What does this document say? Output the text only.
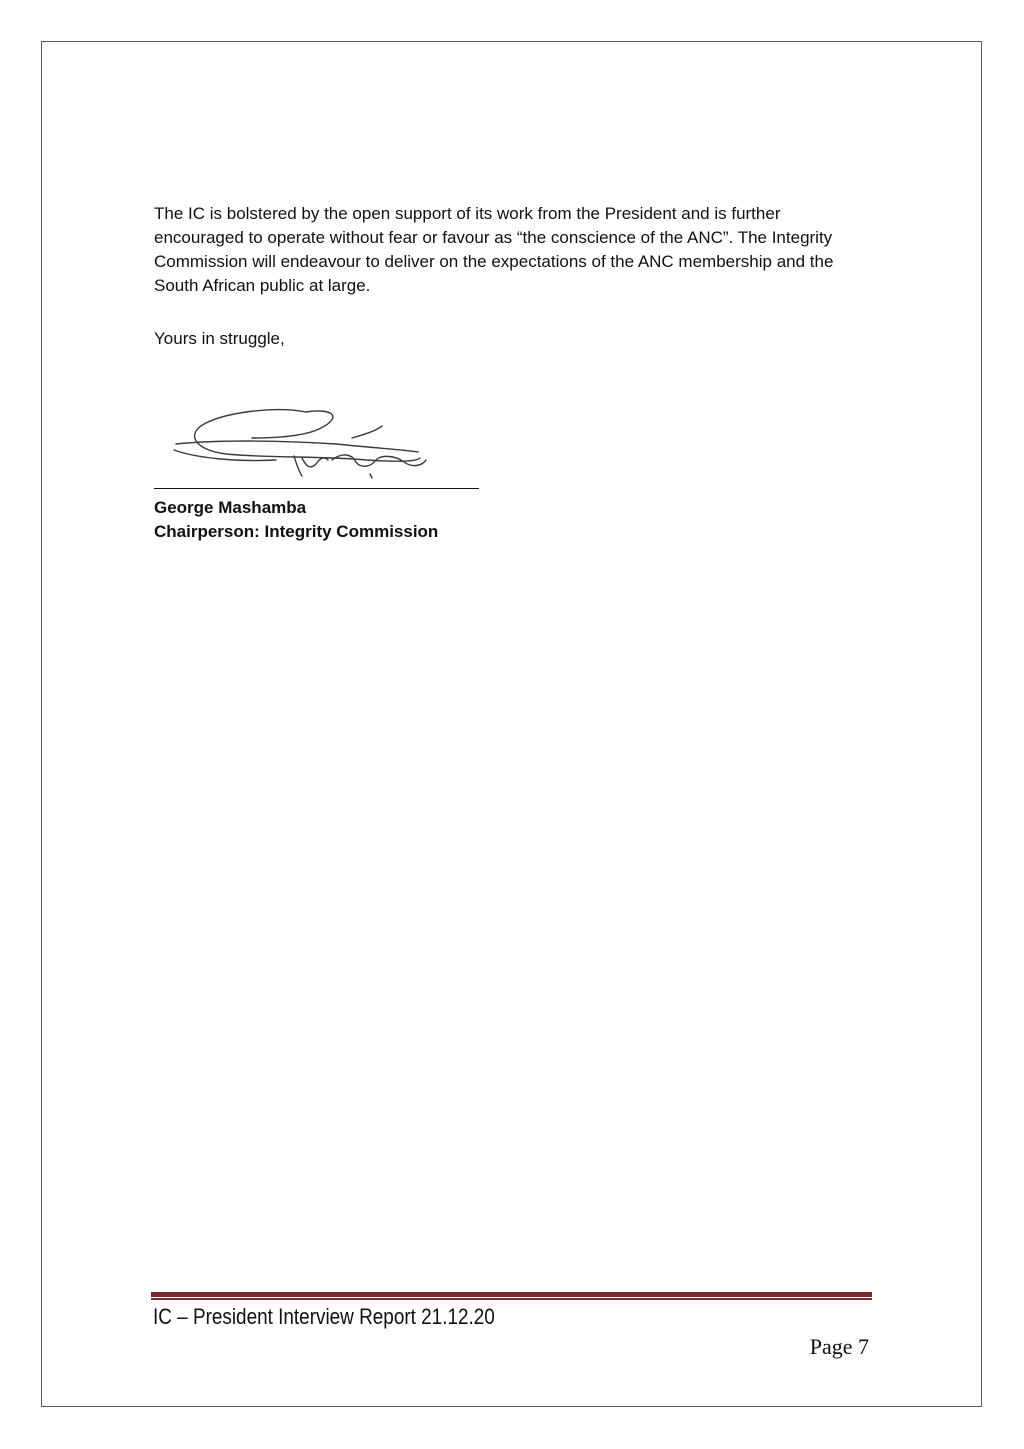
The IC is bolstered by the open support of its work from the President and is further encouraged to operate without fear or favour as “the conscience of the ANC”. The Integrity Commission will endeavour to deliver on the expectations of the ANC membership and the South African public at large.

Yours in struggle,

George Mashamba

Chairperson: Integrity Commission

IC – President Interview Report 21.12.20

Page 7
